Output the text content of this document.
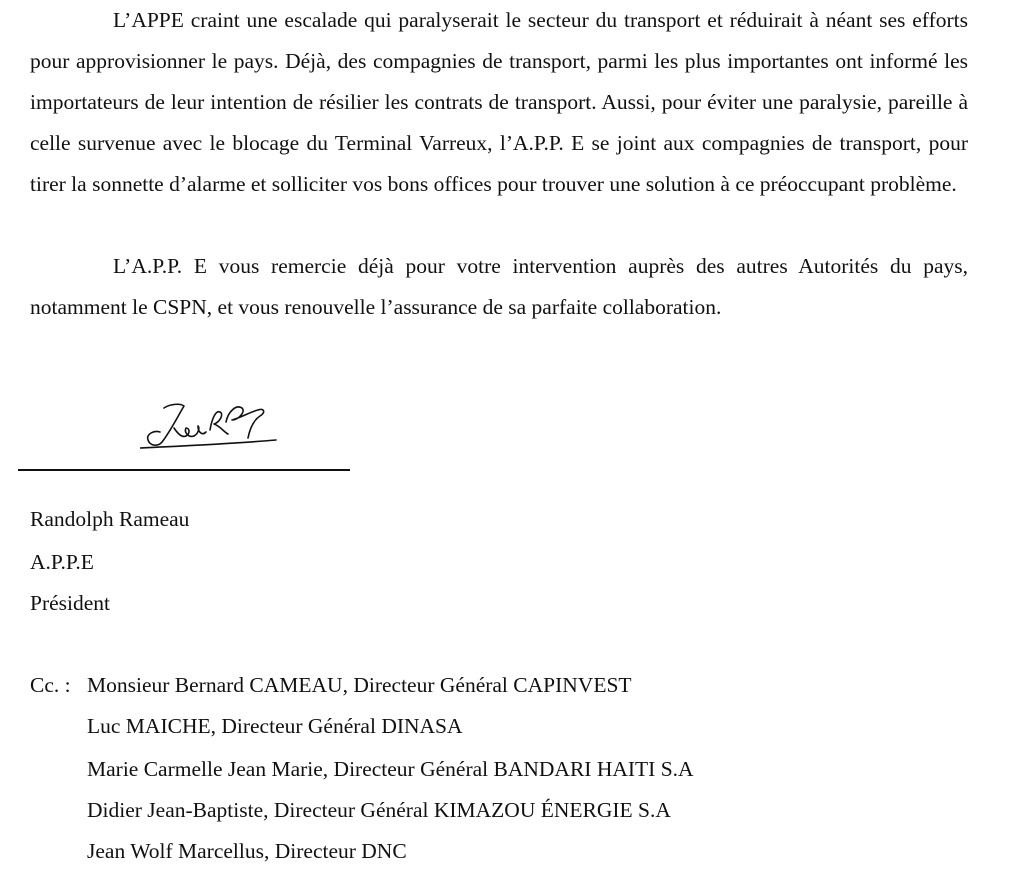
L’APPE craint une escalade qui paralyserait le secteur du transport et réduirait à néant ses efforts pour approvisionner le pays. Déjà, des compagnies de transport, parmi les plus importantes ont informé les importateurs de leur intention de résilier les contrats de transport. Aussi, pour éviter une paralysie, pareille à celle survenue avec le blocage du Terminal Varreux, l’A.P.P. E se joint aux compagnies de transport, pour tirer la sonnette d’alarme et solliciter vos bons offices pour trouver une solution à ce préoccupant problème.

L’A.P.P. E vous remercie déjà pour votre intervention auprès des autres Autorités du pays, notamment le CSPN, et vous renouvelle l’assurance de sa parfaite collaboration.

Randolph Rameau

A.P.P.E

Président

Cc. : Monsieur Bernard CAMEAU, Directeur Général CAPINVEST
Luc MAICHE, Directeur Général DINASA
Marie Carmelle Jean Marie, Directeur Général BANDARI HAITI S.A
Didier Jean-Baptiste, Directeur Général KIMAZOU ÉNERGIE S.A
Jean Wolf Marcellus, Directeur DNC
